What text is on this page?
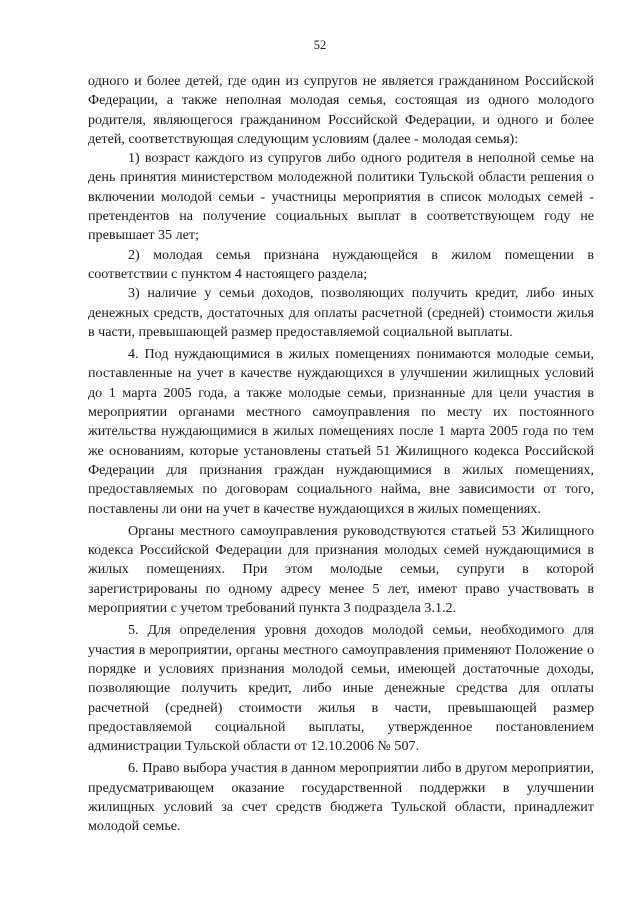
52

одного и более детей, где один из супругов не является гражданином Российской Федерации, а также неполная молодая семья, состоящая из одного молодого родителя, являющегося гражданином Российской Федерации, и одного и более детей, соответствующая следующим условиям (далее - молодая семья):

1) возраст каждого из супругов либо одного родителя в неполной семье на день принятия министерством молодежной политики Тульской области решения о включении молодой семьи - участницы мероприятия в список молодых семей - претендентов на получение социальных выплат в соответствующем году не превышает 35 лет;

2) молодая семья признана нуждающейся в жилом помещении в соответствии с пунктом 4 настоящего раздела;

3) наличие у семьи доходов, позволяющих получить кредит, либо иных денежных средств, достаточных для оплаты расчетной (средней) стоимости жилья в части, превышающей размер предоставляемой социальной выплаты.

4. Под нуждающимися в жилых помещениях понимаются молодые семьи, поставленные на учет в качестве нуждающихся в улучшении жилищных условий до 1 марта 2005 года, а также молодые семьи, признанные для цели участия в мероприятии органами местного самоуправления по месту их постоянного жительства нуждающимися в жилых помещениях после 1 марта 2005 года по тем же основаниям, которые установлены статьей 51 Жилищного кодекса Российской Федерации для признания граждан нуждающимися в жилых помещениях, предоставляемых по договорам социального найма, вне зависимости от того, поставлены ли они на учет в качестве нуждающихся в жилых помещениях.

Органы местного самоуправления руководствуются статьей 53 Жилищного кодекса Российской Федерации для признания молодых семей нуждающимися в жилых помещениях. При этом молодые семьи, супруги в которой зарегистрированы по одному адресу менее 5 лет, имеют право участвовать в мероприятии с учетом требований пункта 3 подраздела 3.1.2.

5. Для определения уровня доходов молодой семьи, необходимого для участия в мероприятии, органы местного самоуправления применяют Положение о порядке и условиях признания молодой семьи, имеющей достаточные доходы, позволяющие получить кредит, либо иные денежные средства для оплаты расчетной (средней) стоимости жилья в части, превышающей размер предоставляемой социальной выплаты, утвержденное постановлением администрации Тульской области от 12.10.2006 № 507.

6. Право выбора участия в данном мероприятии либо в другом мероприятии, предусматривающем оказание государственной поддержки в улучшении жилищных условий за счет средств бюджета Тульской области, принадлежит молодой семье.
